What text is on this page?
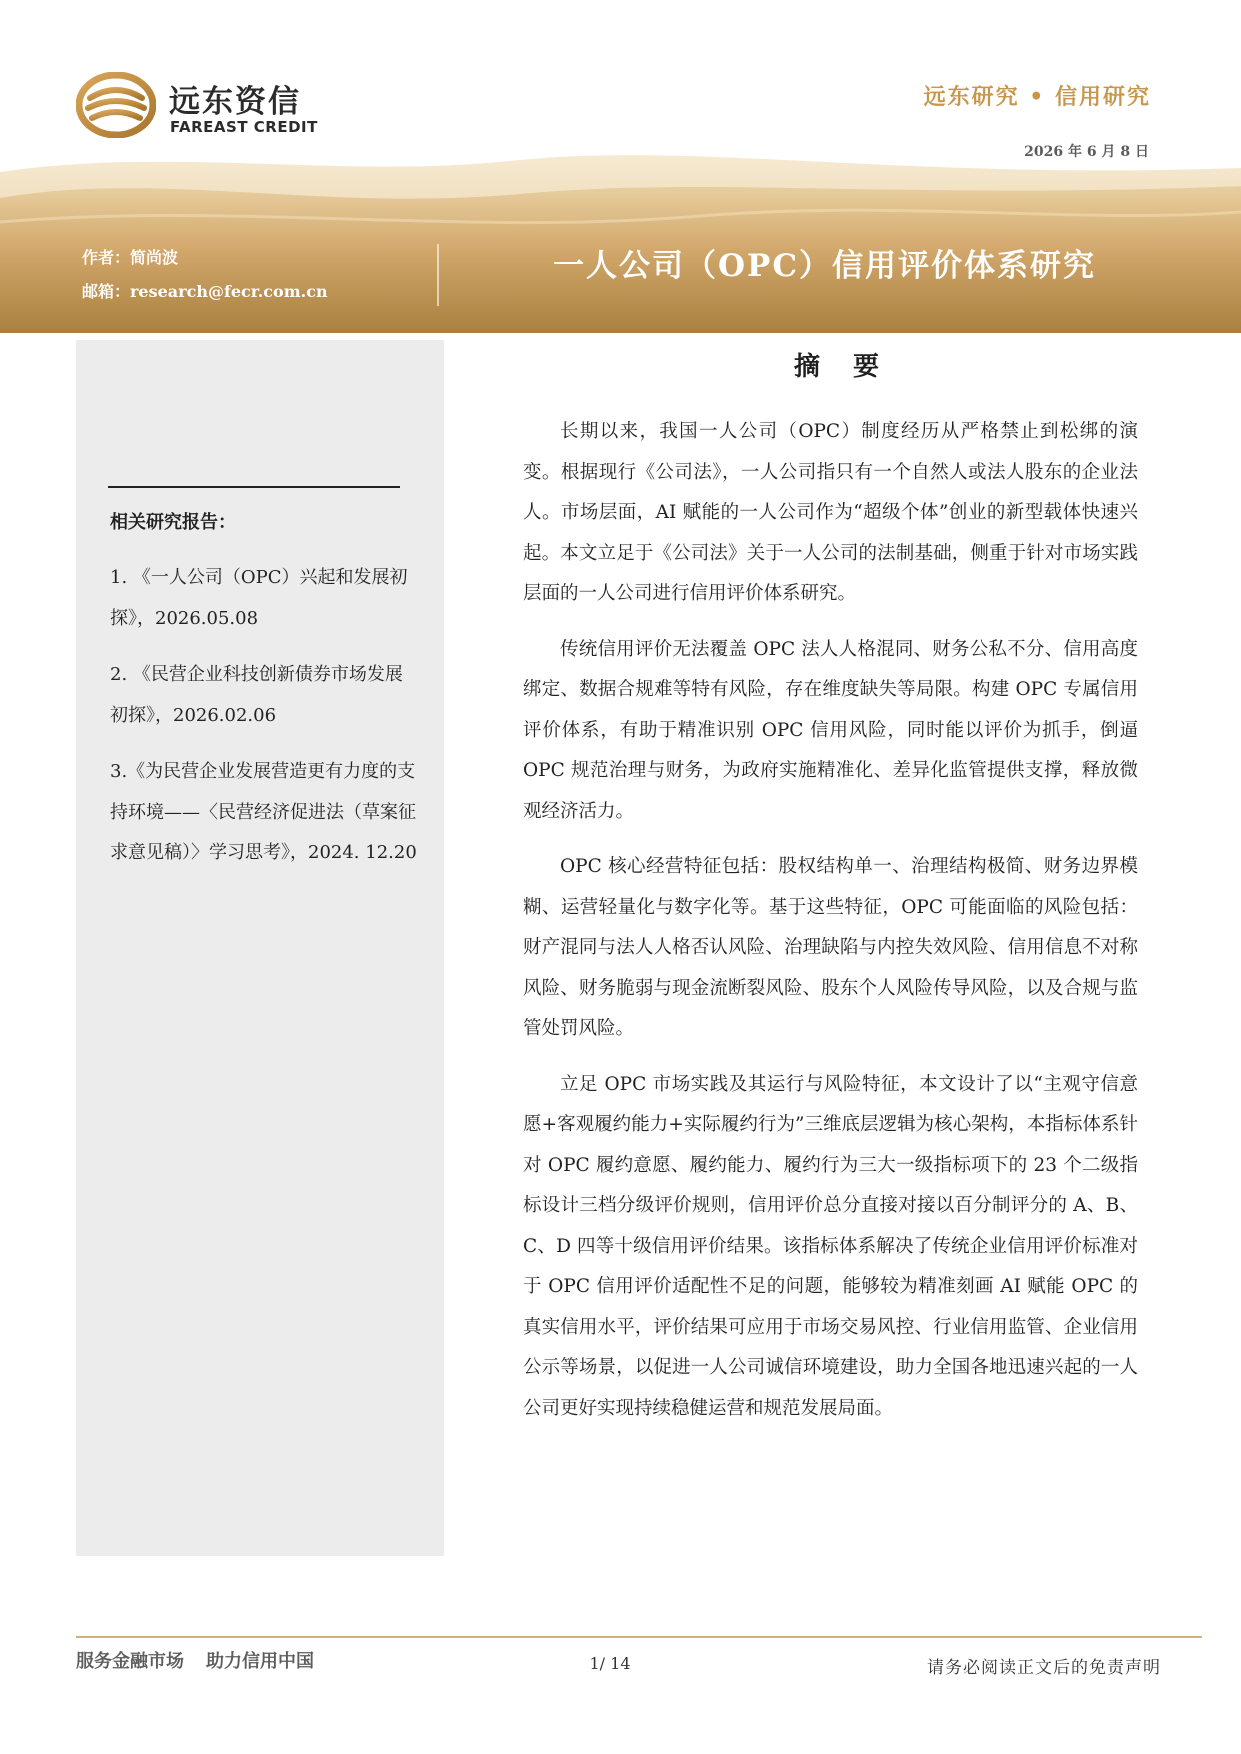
远东资信
FAREAST CREDIT
远东研究 • 信用研究
2026 年 6 月 8 日
作者：简尚波
邮箱：research@fecr.com.cn
一人公司（OPC）信用评价体系研究
相关研究报告：
1. 《一人公司（OPC）兴起和发展初探》，2026.05.08
2. 《民营企业科技创新债券市场发展初探》，2026.02.06
3.《为民营企业发展营造更有力度的支持环境——〈民营经济促进法（草案征求意见稿）〉学习思考》，2024. 12.20
摘 要

长期以来，我国一人公司（OPC）制度经历从严格禁止到松绑的演变。根据现行《公司法》，一人公司指只有一个自然人或法人股东的企业法人。市场层面，AI 赋能的一人公司作为“超级个体”创业的新型载体快速兴起。本文立足于《公司法》关于一人公司的法制基础，侧重于针对市场实践层面的一人公司进行信用评价体系研究。

传统信用评价无法覆盖 OPC 法人人格混同、财务公私不分、信用高度绑定、数据合规难等特有风险，存在维度缺失等局限。构建 OPC 专属信用评价体系，有助于精准识别 OPC 信用风险，同时能以评价为抓手，倒逼 OPC 规范治理与财务，为政府实施精准化、差异化监管提供支撑，释放微观经济活力。

OPC 核心经营特征包括：股权结构单一、治理结构极简、财务边界模糊、运营轻量化与数字化等。基于这些特征，OPC 可能面临的风险包括：财产混同与法人人格否认风险、治理缺陷与内控失效风险、信用信息不对称风险、财务脆弱与现金流断裂风险、股东个人风险传导风险，以及合规与监管处罚风险。

立足 OPC 市场实践及其运行与风险特征，本文设计了以“主观守信意愿+客观履约能力+实际履约行为”三维底层逻辑为核心架构，本指标体系针对 OPC 履约意愿、履约能力、履约行为三大一级指标项下的 23 个二级指标设计三档分级评价规则，信用评价总分直接对接以百分制评分的 A、B、C、D 四等十级信用评价结果。该指标体系解决了传统企业信用评价标准对于 OPC 信用评价适配性不足的问题，能够较为精准刻画 AI 赋能 OPC 的真实信用水平，评价结果可应用于市场交易风控、行业信用监管、企业信用公示等场景，以促进一人公司诚信环境建设，助力全国各地迅速兴起的一人公司更好实现持续稳健运营和规范发展局面。

服务金融市场 助力信用中国	1/ 14	请务必阅读正文后的免责声明
